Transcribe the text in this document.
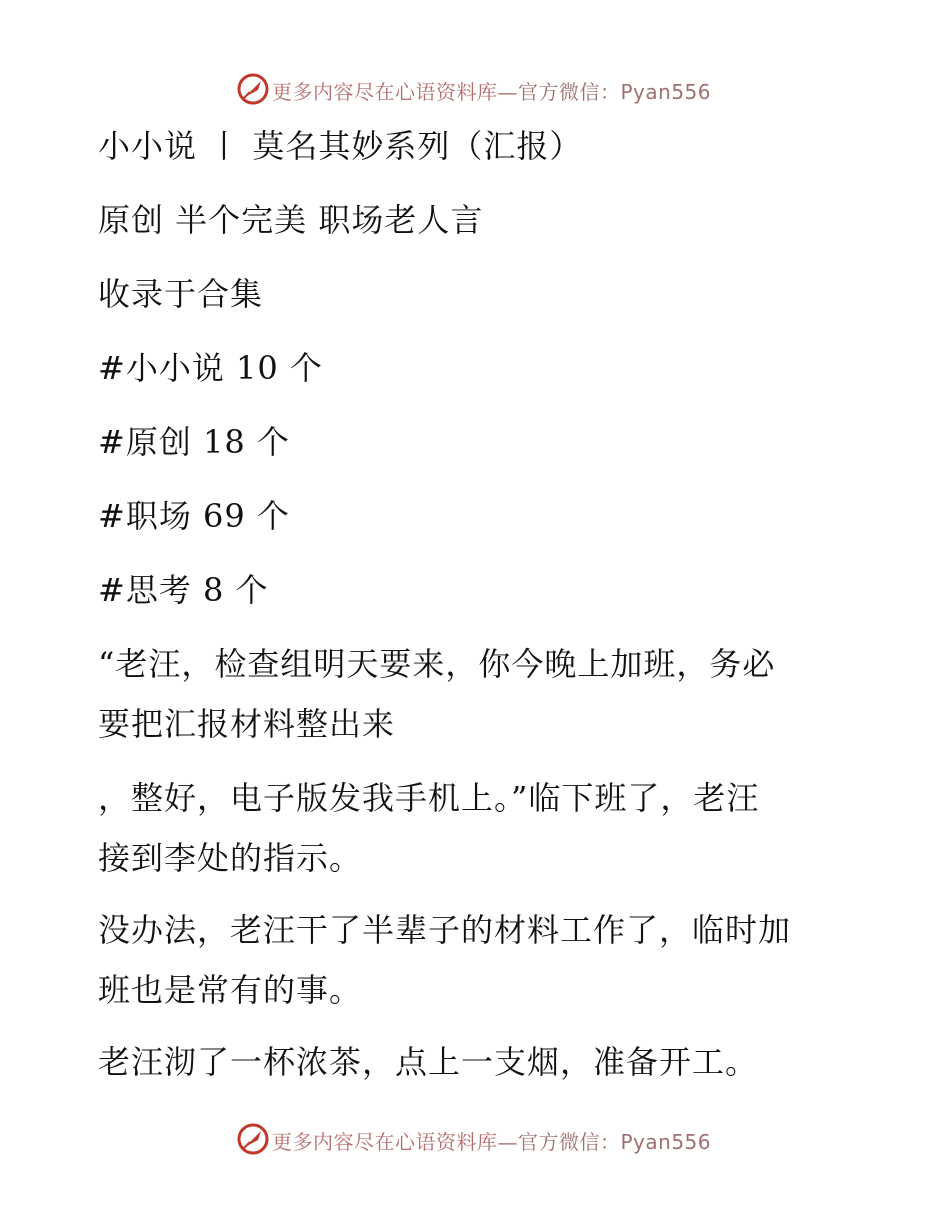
更多内容尽在心语资料库—官方微信：Pyan556
小小说 丨 莫名其妙系列（汇报）
原创 半个完美 职场老人言
收录于合集
#小小说 10 个
#原创 18 个
#职场 69 个
#思考 8 个
“老汪，检查组明天要来，你今晚上加班，务必
要把汇报材料整出来
，整好，电子版发我手机上。”临下班了，老汪
接到李处的指示。
没办法，老汪干了半辈子的材料工作了，临时加
班也是常有的事。
老汪沏了一杯浓茶，点上一支烟，准备开工。
更多内容尽在心语资料库—官方微信：Pyan556
